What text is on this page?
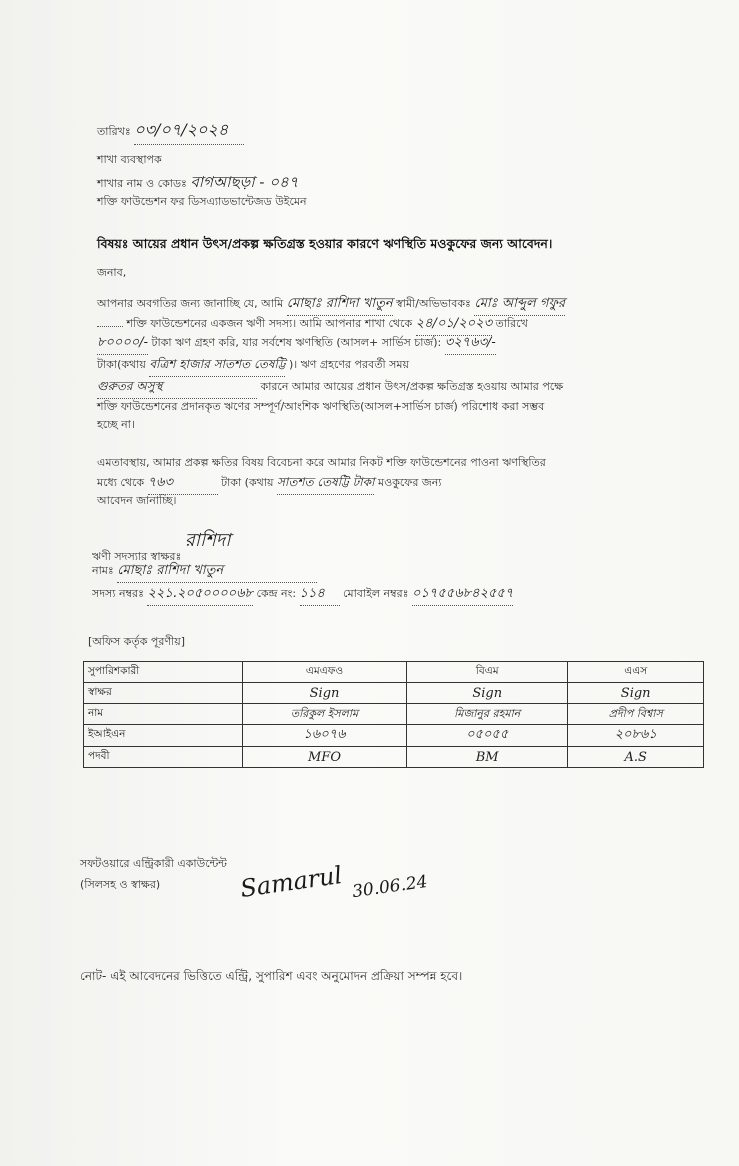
তারিখঃ ০৩/০৭/২০২৪
শাখা ব্যবস্থাপক
শাখার নাম ও কোডঃ বাগআছড়া - ০৪৭
শক্তি ফাউন্ডেশন ফর ডিসএ্যাডভান্টেজড উইমেন
বিষয়ঃ আয়ের প্রধান উৎস/প্রকল্প ক্ষতিগ্রস্ত হওয়ার কারণে ঋণস্থিতি মওকুফের জন্য আবেদন।
জনাব,
আপনার অবগতির জন্য জানাচ্ছি যে, আমি মোছাঃ রাশিদা খাতুন স্বামী/অভিভাবকঃ মোঃ আব্দুল গফুর
শক্তি ফাউন্ডেশনের একজন ঋণী সদস্য। আমি আপনার শাখা থেকে ২৪/০১/২০২৩ তারিখে
৮০০০০/- টাকা ঋণ গ্রহণ করি, যার সর্বশেষ ঋণস্থিতি (আসল+ সার্ভিস চার্জ): ৩২৭৬৩/-
টাকা(কথায় বত্রিশ হাজার সাতশত তেষট্টি )। ঋণ গ্রহণের পরবর্তী সময়
গুরুতর অসুস্থ	কারনে আমার আয়ের প্রধান উৎস/প্রকল্প ক্ষতিগ্রস্ত হওয়ায় আমার পক্ষে
শক্তি ফাউন্ডেশনের প্রদানকৃত ঋণের সম্পূর্ণ/আংশিক ঋণস্থিতি(আসল+সার্ভিস চার্জ) পরিশোধ করা সম্ভব
হচ্ছে না।
এমতাবস্থায়, আমার প্রকল্প ক্ষতির বিষয় বিবেচনা করে আমার নিকট শক্তি ফাউন্ডেশনের পাওনা ঋণস্থিতির
মধ্যে থেকে ৭৬৩	টাকা (কথায় সাতশত তেষট্টি টাকা মওকুফের জন্য
আবেদন জানাচ্ছি।
ঋণী সদস্যার স্বাক্ষরঃ রাশিদা
নামঃ মোছাঃ রাশিদা খাতুন
সদস্য নম্বরঃ ২২১.২০৫০০০০৬৮ কেন্দ্র নং: ১১৪ মোবাইল নম্বরঃ ০১৭৫৫৬৮৪২৫৫৭
[অফিস কর্তৃক পূরণীয়]
সুপারিশকারী	এমএফও	বিএম	এএস
স্বাক্ষর	Sign	Sign	Sign
নাম	তরিকুল ইসলাম	মিজানুর রহমান	প্রদীপ বিশ্বাস
ইআইএন	১৬০৭৬	০৫০৫৫	২০৮৬১
পদবী	MFO	BM	A.S
সফটওয়ারে এন্ট্রিকারী একাউন্টেন্ট
(সিলসহ ও স্বাক্ষর)	Samarul 30.06.24
নোট- এই আবেদনের ভিত্তিতে এন্ট্রি, সুপারিশ এবং অনুমোদন প্রক্রিয়া সম্পন্ন হবে।
